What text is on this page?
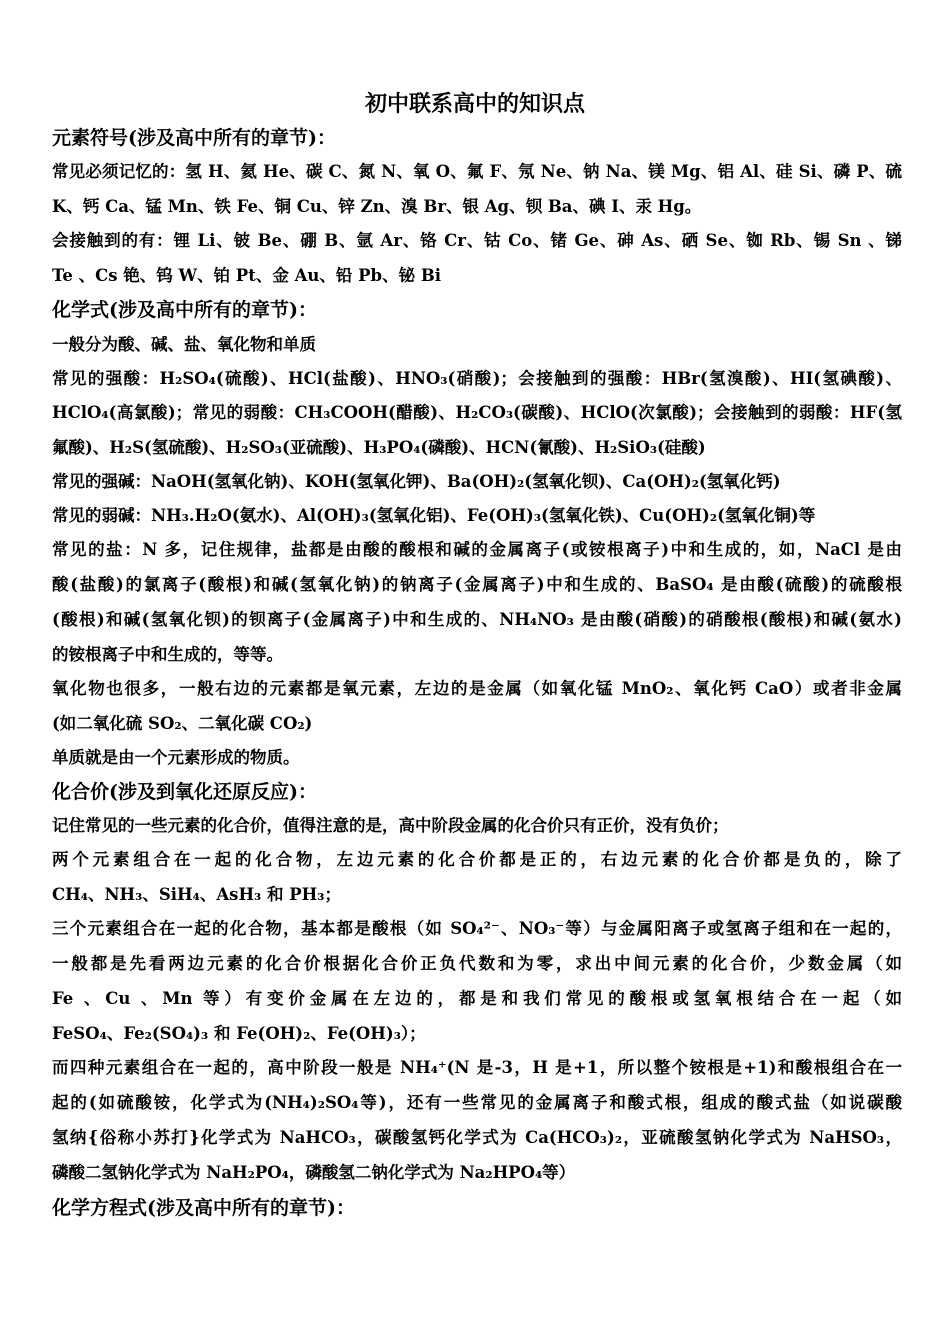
初中联系高中的知识点
元素符号(涉及高中所有的章节)：
常见必须记忆的：氢 H、氦 He、碳 C、氮 N、氧 O、氟 F、氖 Ne、钠 Na、镁 Mg、铝 Al、硅 Si、磷 P、硫
K、钙 Ca、锰 Mn、铁 Fe、铜 Cu、锌 Zn、溴 Br、银 Ag、钡 Ba、碘 I、汞 Hg。
会接触到的有：锂 Li、铍 Be、硼 B、氩 Ar、铬 Cr、钴 Co、锗 Ge、砷 As、硒 Se、铷 Rb、锡 Sn 、锑
Te 、Cs 铯、钨 W、铂 Pt、金 Au、铅 Pb、铋 Bi
化学式(涉及高中所有的章节)：
一般分为酸、碱、盐、氧化物和单质
常见的强酸：H₂SO₄(硫酸)、HCl(盐酸)、HNO₃(硝酸)；会接触到的强酸：HBr(氢溴酸)、HI(氢碘酸)、
HClO₄(高氯酸)；常见的弱酸：CH₃COOH(醋酸)、H₂CO₃(碳酸)、HClO(次氯酸)；会接触到的弱酸：HF(氢
氟酸)、H₂S(氢硫酸)、H₂SO₃(亚硫酸)、H₃PO₄(磷酸)、HCN(氰酸)、H₂SiO₃(硅酸)
常见的强碱：NaOH(氢氧化钠)、KOH(氢氧化钾)、Ba(OH)₂(氢氧化钡)、Ca(OH)₂(氢氧化钙)
常见的弱碱：NH₃.H₂O(氨水)、Al(OH)₃(氢氧化铝)、Fe(OH)₃(氢氧化铁)、Cu(OH)₂(氢氧化铜)等
常见的盐：N 多，记住规律，盐都是由酸的酸根和碱的金属离子(或铵根离子)中和生成的，如，NaCl 是由
酸(盐酸)的氯离子(酸根)和碱(氢氧化钠)的钠离子(金属离子)中和生成的、BaSO₄ 是由酸(硫酸)的硫酸根
(酸根)和碱(氢氧化钡)的钡离子(金属离子)中和生成的、NH₄NO₃ 是由酸(硝酸)的硝酸根(酸根)和碱(氨水)
的铵根离子中和生成的，等等。
氧化物也很多，一般右边的元素都是氧元素，左边的是金属（如氧化锰 MnO₂、氧化钙 CaO）或者非金属
(如二氧化硫 SO₂、二氧化碳 CO₂)
单质就是由一个元素形成的物质。
化合价(涉及到氧化还原反应)：
记住常见的一些元素的化合价，值得注意的是，高中阶段金属的化合价只有正价，没有负价；
两个元素组合在一起的化合物，左边元素的化合价都是正的，右边元素的化合价都是负的，除了
CH₄、NH₃、SiH₄、AsH₃ 和 PH₃；
三个元素组合在一起的化合物，基本都是酸根（如 SO₄²⁻、NO₃⁻等）与金属阳离子或氢离子组和在一起的，
一般都是先看两边元素的化合价根据化合价正负代数和为零，求出中间元素的化合价，少数金属（如
Fe 、Cu 、Mn 等）有变价金属在左边的，都是和我们常见的酸根或氢氧根结合在一起（如
FeSO₄、Fe₂(SO₄)₃ 和 Fe(OH)₂、Fe(OH)₃）；
而四种元素组合在一起的，高中阶段一般是 NH₄⁺(N 是-3，H 是+1，所以整个铵根是+1)和酸根组合在一
起的(如硫酸铵，化学式为(NH₄)₂SO₄等)，还有一些常见的金属离子和酸式根，组成的酸式盐（如说碳酸
氢纳{俗称小苏打}化学式为 NaHCO₃，碳酸氢钙化学式为 Ca(HCO₃)₂，亚硫酸氢钠化学式为 NaHSO₃，
磷酸二氢钠化学式为 NaH₂PO₄，磷酸氢二钠化学式为 Na₂HPO₄等）
化学方程式(涉及高中所有的章节)：
